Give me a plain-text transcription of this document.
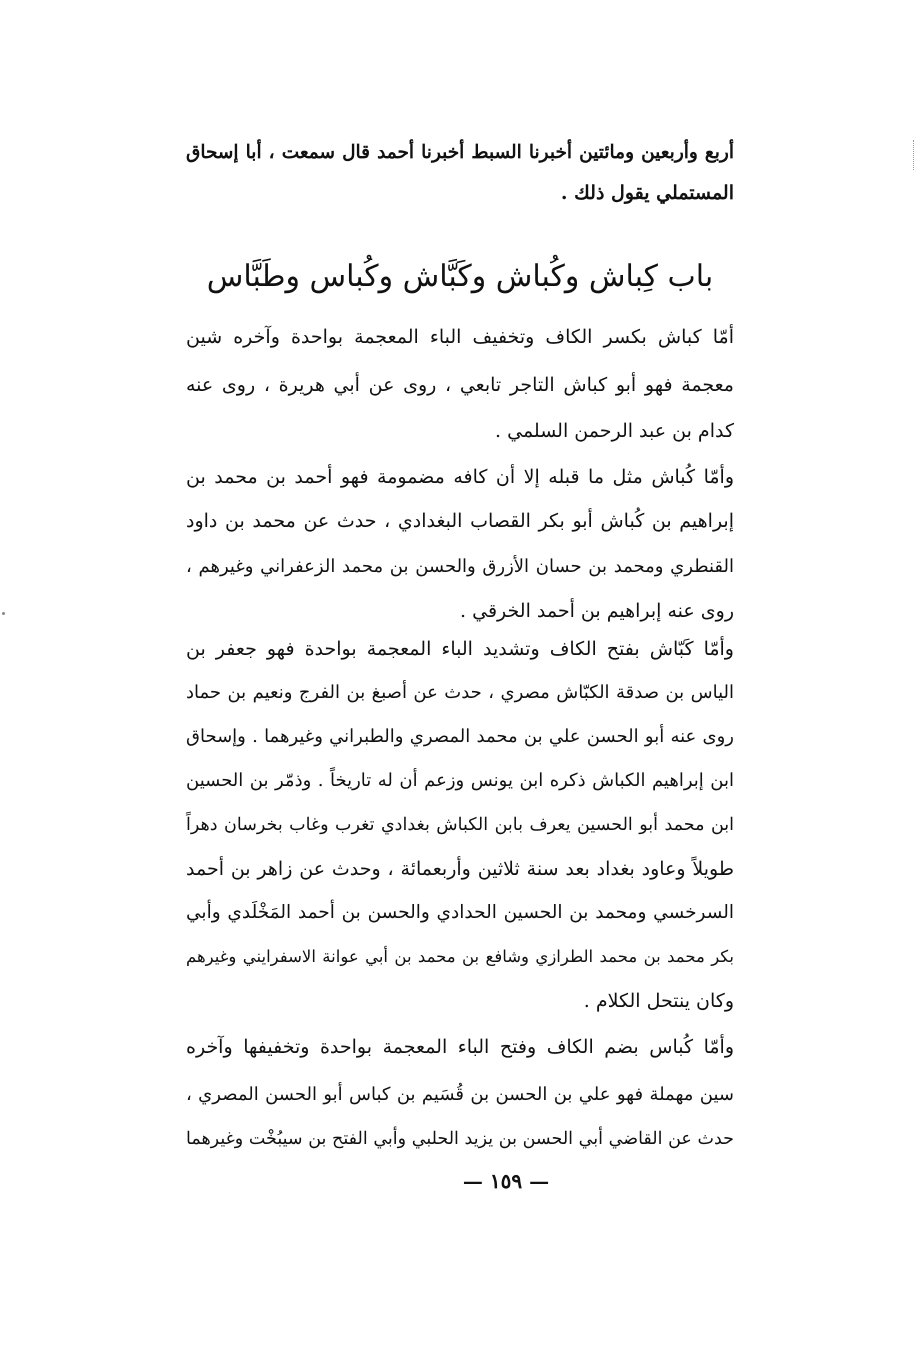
أربع وأربعين ومائتين أخبرنا السبط أخبرنا أحمد قال سمعت ، أبا إسحاق
المستملي يقول ذلك .
باب كِباش وكُباش وكَبَّاش وكُباس وطَبَّاس
أمّا كباش بكسر الكاف وتخفيف الباء المعجمة بواحدة وآخره شين
معجمة فهو أبو كباش التاجر تابعي ، روى عن أبي هريرة ، روى عنه
كدام بن عبد الرحمن السلمي .
وأمّا كُباش مثل ما قبله إلا أن كافه مضمومة فهو أحمد بن محمد بن
إبراهيم بن كُباش أبو بكر القصاب البغدادي ، حدث عن محمد بن داود
القنطري ومحمد بن حسان الأزرق والحسن بن محمد الزعفراني وغيرهم ،
روى عنه إبراهيم بن أحمد الخرقي .
وأمّا كَبّاش بفتح الكاف وتشديد الباء المعجمة بواحدة فهو جعفر بن
الياس بن صدقة الكبّاش مصري ، حدث عن أصبغ بن الفرج ونعيم بن حماد
روى عنه أبو الحسن علي بن محمد المصري والطبراني وغيرهما . وإسحاق
ابن إبراهيم الكباش ذكره ابن يونس وزعم أن له تاريخاً . وذمّر بن الحسين
ابن محمد أبو الحسين يعرف بابن الكباش بغدادي تغرب وغاب بخرسان دهراً
طويلاً وعاود بغداد بعد سنة ثلاثين وأربعمائة ، وحدث عن زاهر بن أحمد
السرخسي ومحمد بن الحسين الحدادي والحسن بن أحمد المَخْلَدي وأبي
بكر محمد بن محمد الطرازي وشافع بن محمد بن أبي عوانة الاسفرايني وغيرهم
وكان ينتحل الكلام .
وأمّا كُباس بضم الكاف وفتح الباء المعجمة بواحدة وتخفيفها وآخره
سين مهملة فهو علي بن الحسن بن قُسَيم بن كباس أبو الحسن المصري ،
حدث عن القاضي أبي الحسن بن يزيد الحلبي وأبي الفتح بن سيبُخْت وغيرهما
— ١٥٩ —
